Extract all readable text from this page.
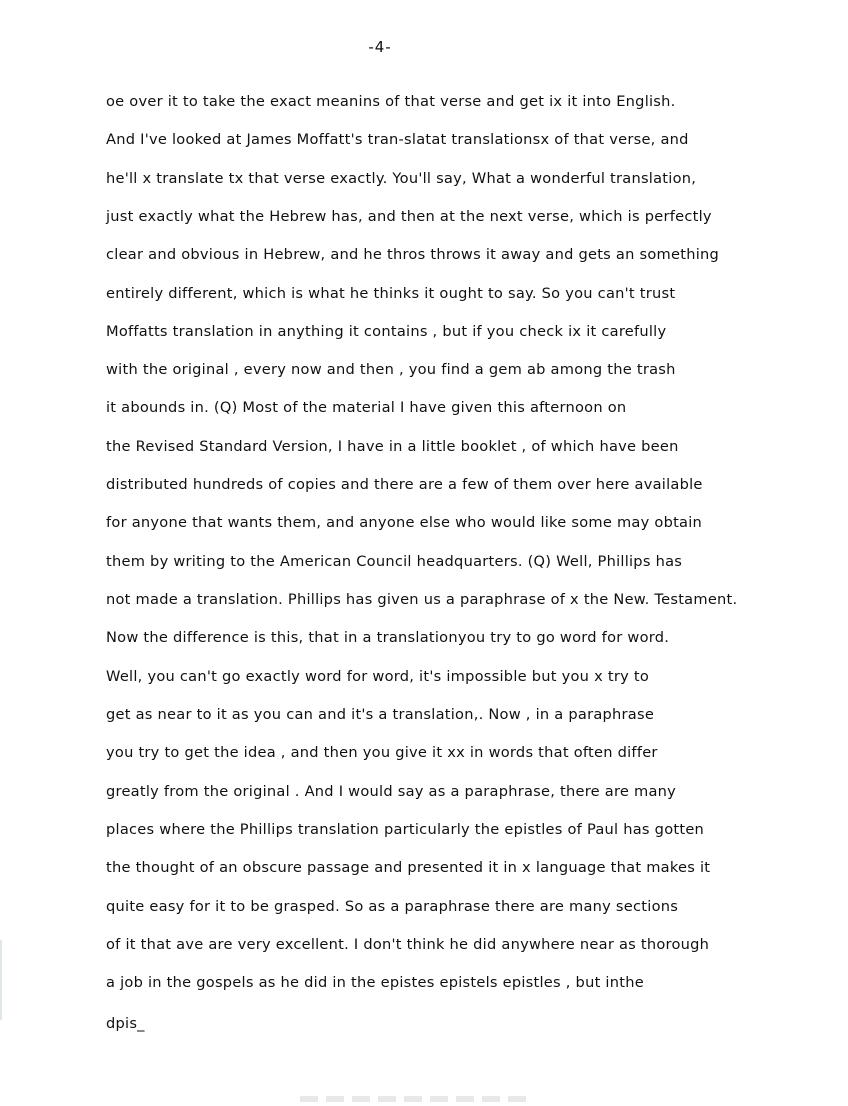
-4-
oe over it to take the exact meanins of that verse and get ix it into English.
And I've looked at James Moffatt's tran-slatat translationsx of that verse, and
he'll x translate tx that verse exactly. You'll say, What a wonderful translation,
just exactly what the Hebrew has, and then at the next verse, which is perfectly
clear and obvious in Hebrew, and he thros throws it away and gets an something
entirely different, which is what he thinks it ought to say. So you can't trust
Moffatts translation in anything it contains , but if you check ix it carefully
with the original , every now and then , you find a gem ab among the trash
it abounds in. (Q) Most of the material I have given this afternoon on
the Revised Standard Version, I have in a little booklet , of which have been
distributed hundreds of copies and there are a few of them over here available
for anyone that wants them, and anyone else who would like some may obtain
them by writing to the American Council headquarters. (Q) Well, Phillips has
not made a translation. Phillips has given us a paraphrase of x the New. Testament.
Now the difference is this, that in a translationyou try to go word for word.
Well, you can't go exactly word for word, it's impossible but you x try to
get as near to it as you can and it's a translation,. Now , in a paraphrase
you try to get the idea , and then you give it xx in words that often differ
greatly from the original . And I would say as a paraphrase, there are many
places where the Phillips translation particularly the epistles of Paul has gotten
the thought of an obscure passage and presented it in x language that makes it
quite easy for it to be grasped. So as a paraphrase there are many sections
of it that ave are very excellent. I don't think he did anywhere near as thorough
a job in the gospels as he did in the epistes epistels epistles , but inthe
dpis_
